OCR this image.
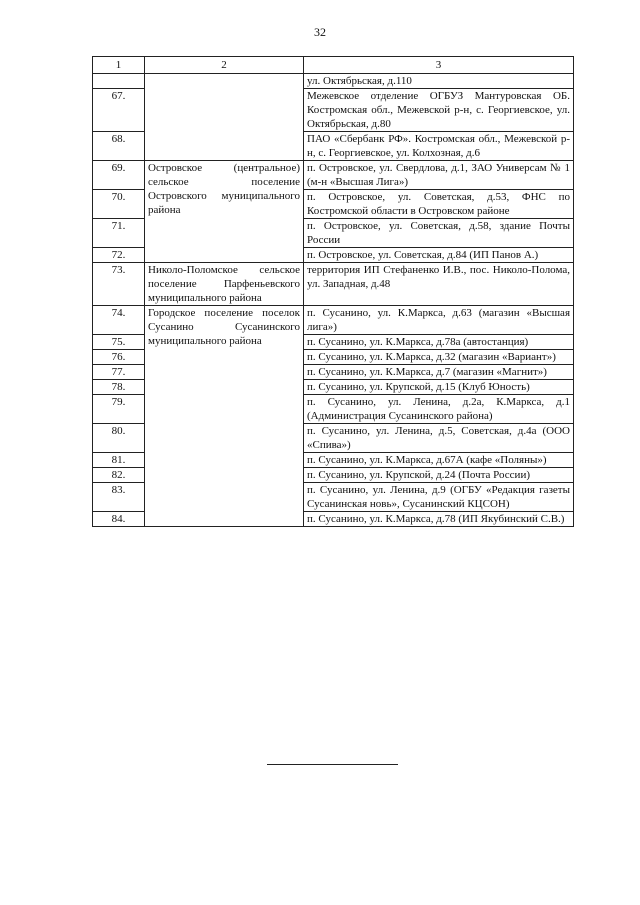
32
1	2	3
		ул. Октябрьская, д.110
67.		Межевское отделение ОГБУЗ Мантуровская ОБ. Костромская обл., Межевской р-н, с. Георгиевское, ул. Октябрьская, д.80
68.		ПАО «Сбербанк РФ». Костромская обл., Межевской р-н, с. Георгиевское, ул. Колхозная, д.6
69.	Островское (центральное) сельское поселение Островского муниципального района	п. Островское, ул. Свердлова, д.1, ЗАО Универсам № 1 (м-н «Высшая Лига»)
70.		п. Островское, ул. Советская, д.53, ФНС по Костромской области в Островском районе
71.		п. Островское, ул. Советская, д.58, здание Почты России
72.		п. Островское, ул. Советская, д.84 (ИП Панов А.)
73.	Николо-Поломское сельское поселение Парфеньевского муниципального района	территория ИП Стефаненко И.В., пос. Николо-Полома, ул. Западная, д.48
74.	Городское поселение поселок Сусанино Сусанинского муниципального района	п. Сусанино, ул. К.Маркса, д.63 (магазин «Высшая лига»)
75.		п. Сусанино, ул. К.Маркса, д.78а (автостанция)
76.		п. Сусанино, ул. К.Маркса, д.32 (магазин «Вариант»)
77.		п. Сусанино, ул. К.Маркса, д.7 (магазин «Магнит»)
78.		п. Сусанино, ул. Крупской, д.15 (Клуб Юность)
79.		п. Сусанино, ул. Ленина, д.2а, К.Маркса, д.1 (Администрация Сусанинского района)
80.		п. Сусанино, ул. Ленина, д.5, Советская, д.4а (ООО «Спива»)
81.		п. Сусанино, ул. К.Маркса, д.67А (кафе «Поляны»)
82.		п. Сусанино, ул. Крупской, д.24 (Почта России)
83.		п. Сусанино, ул. Ленина, д.9 (ОГБУ «Редакция газеты Сусанинская новь», Сусанинский КЦСОН)
84.		п. Сусанино, ул. К.Маркса, д.78 (ИП Якубинский С.В.)
